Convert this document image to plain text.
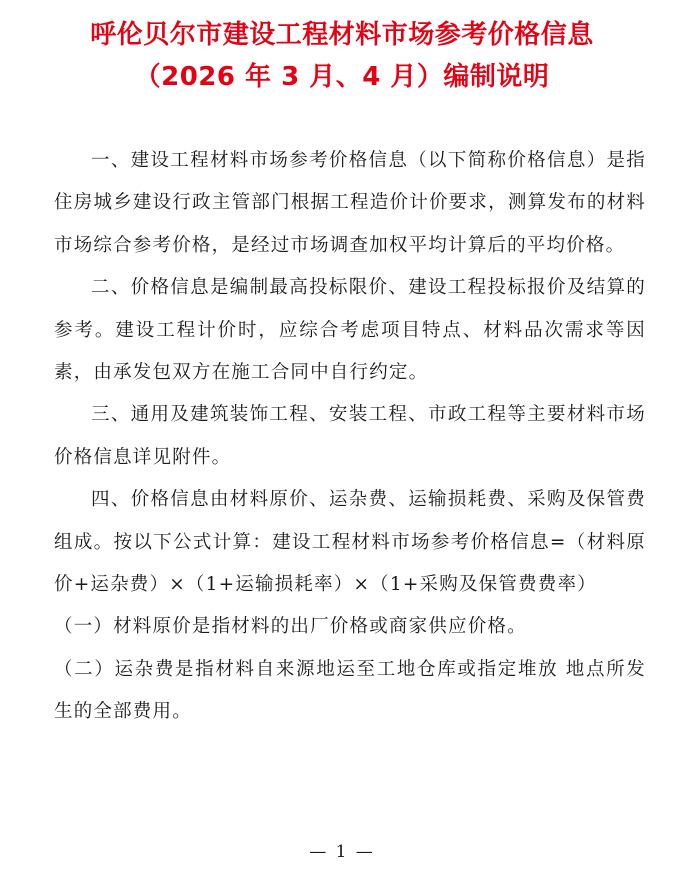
呼伦贝尔市建设工程材料市场参考价格信息
（2026 年 3 月、4 月）编制说明

一、建设工程材料市场参考价格信息（以下简称价格信息）是指住房城乡建设行政主管部门根据工程造价计价要求，测算发布的材料市场综合参考价格，是经过市场调查加权平均计算后的平均价格。

二、价格信息是编制最高投标限价、建设工程投标报价及结算的参考。建设工程计价时，应综合考虑项目特点、材料品次需求等因素，由承发包双方在施工合同中自行约定。

三、通用及建筑装饰工程、安装工程、市政工程等主要材料市场价格信息详见附件。

四、价格信息由材料原价、运杂费、运输损耗费、采购及保管费组成。按以下公式计算：建设工程材料市场参考价格信息=（材料原价+运杂费）×（1+运输损耗率）×（1+采购及保管费费率）

（一）材料原价是指材料的出厂价格或商家供应价格。

（二）运杂费是指材料自来源地运至工地仓库或指定堆放 地点所发生的全部费用。

— 1 —
